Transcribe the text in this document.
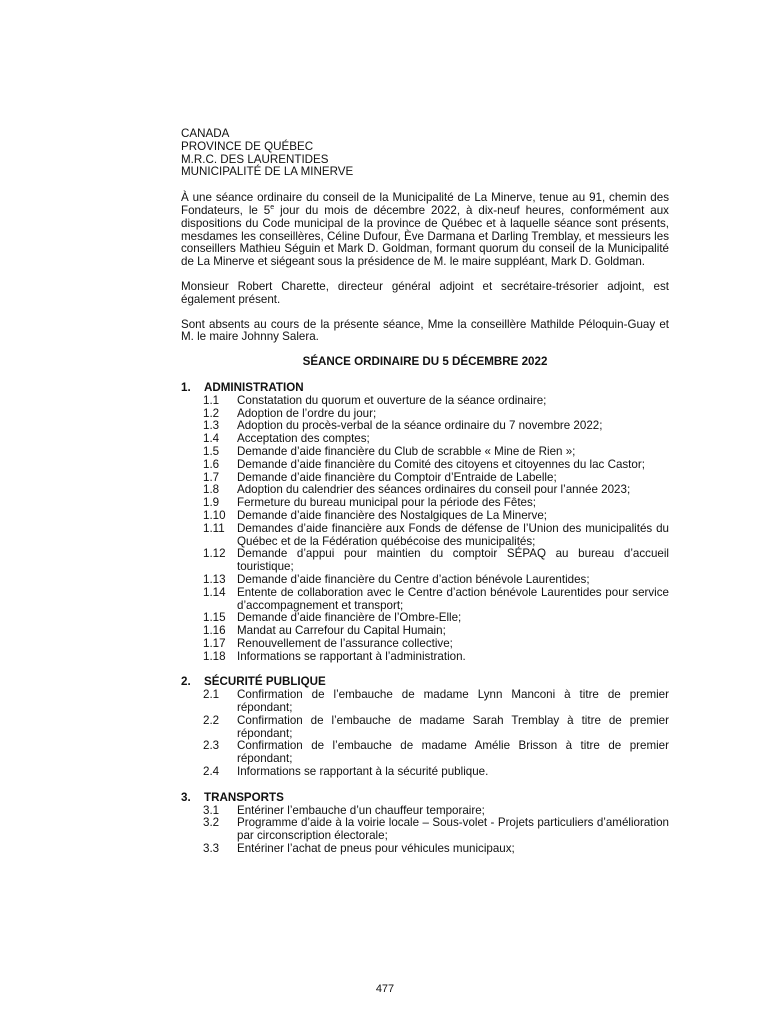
CANADA
PROVINCE DE QUÉBEC
M.R.C. DES LAURENTIDES
MUNICIPALITÉ DE LA MINERVE
À une séance ordinaire du conseil de la Municipalité de La Minerve, tenue au 91, chemin des Fondateurs, le 5e jour du mois de décembre 2022, à dix-neuf heures, conformément aux dispositions du Code municipal de la province de Québec et à laquelle séance sont présents, mesdames les conseillères, Céline Dufour, Ève Darmana et Darling Tremblay, et messieurs les conseillers Mathieu Séguin et Mark D. Goldman, formant quorum du conseil de la Municipalité de La Minerve et siégeant sous la présidence de M. le maire suppléant, Mark D. Goldman.
Monsieur Robert Charette, directeur général adjoint et secrétaire-trésorier adjoint, est également présent.
Sont absents au cours de la présente séance, Mme la conseillère Mathilde Péloquin-Guay et M. le maire Johnny Salera.
SÉANCE ORDINAIRE DU 5 DÉCEMBRE 2022
1. ADMINISTRATION
1.1	Constatation du quorum et ouverture de la séance ordinaire;
1.2	Adoption de l’ordre du jour;
1.3	Adoption du procès-verbal de la séance ordinaire du 7 novembre 2022;
1.4	Acceptation des comptes;
1.5	Demande d’aide financière du Club de scrabble « Mine de Rien »;
1.6	Demande d’aide financière du Comité des citoyens et citoyennes du lac Castor;
1.7	Demande d’aide financière du Comptoir d’Entraide de Labelle;
1.8	Adoption du calendrier des séances ordinaires du conseil pour l’année 2023;
1.9	Fermeture du bureau municipal pour la période des Fêtes;
1.10 Demande d’aide financière des Nostalgiques de La Minerve;
1.11	Demandes d’aide financière aux Fonds de défense de l’Union des municipalités du Québec et de la Fédération québécoise des municipalités;
1.12 Demande d’appui pour maintien du comptoir SÉPAQ au bureau d’accueil touristique;
1.13 Demande d’aide financière du Centre d’action bénévole Laurentides;
1.14 Entente de collaboration avec le Centre d’action bénévole Laurentides pour service d’accompagnement et transport;
1.15 Demande d’aide financière de l’Ombre-Elle;
1.16 Mandat au Carrefour du Capital Humain;
1.17 Renouvellement de l’assurance collective;
1.18 Informations se rapportant à l’administration.
2. SÉCURITÉ PUBLIQUE
2.1	Confirmation de l’embauche de madame Lynn Manconi à titre de premier répondant;
2.2	Confirmation de l’embauche de madame Sarah Tremblay à titre de premier répondant;
2.3	Confirmation de l’embauche de madame Amélie Brisson à titre de premier répondant;
2.4	Informations se rapportant à la sécurité publique.
3. TRANSPORTS
3.1	Entériner l’embauche d’un chauffeur temporaire;
3.2	Programme d’aide à la voirie locale – Sous-volet - Projets particuliers d’amélioration par circonscription électorale;
3.3	Entériner l’achat de pneus pour véhicules municipaux;
477
